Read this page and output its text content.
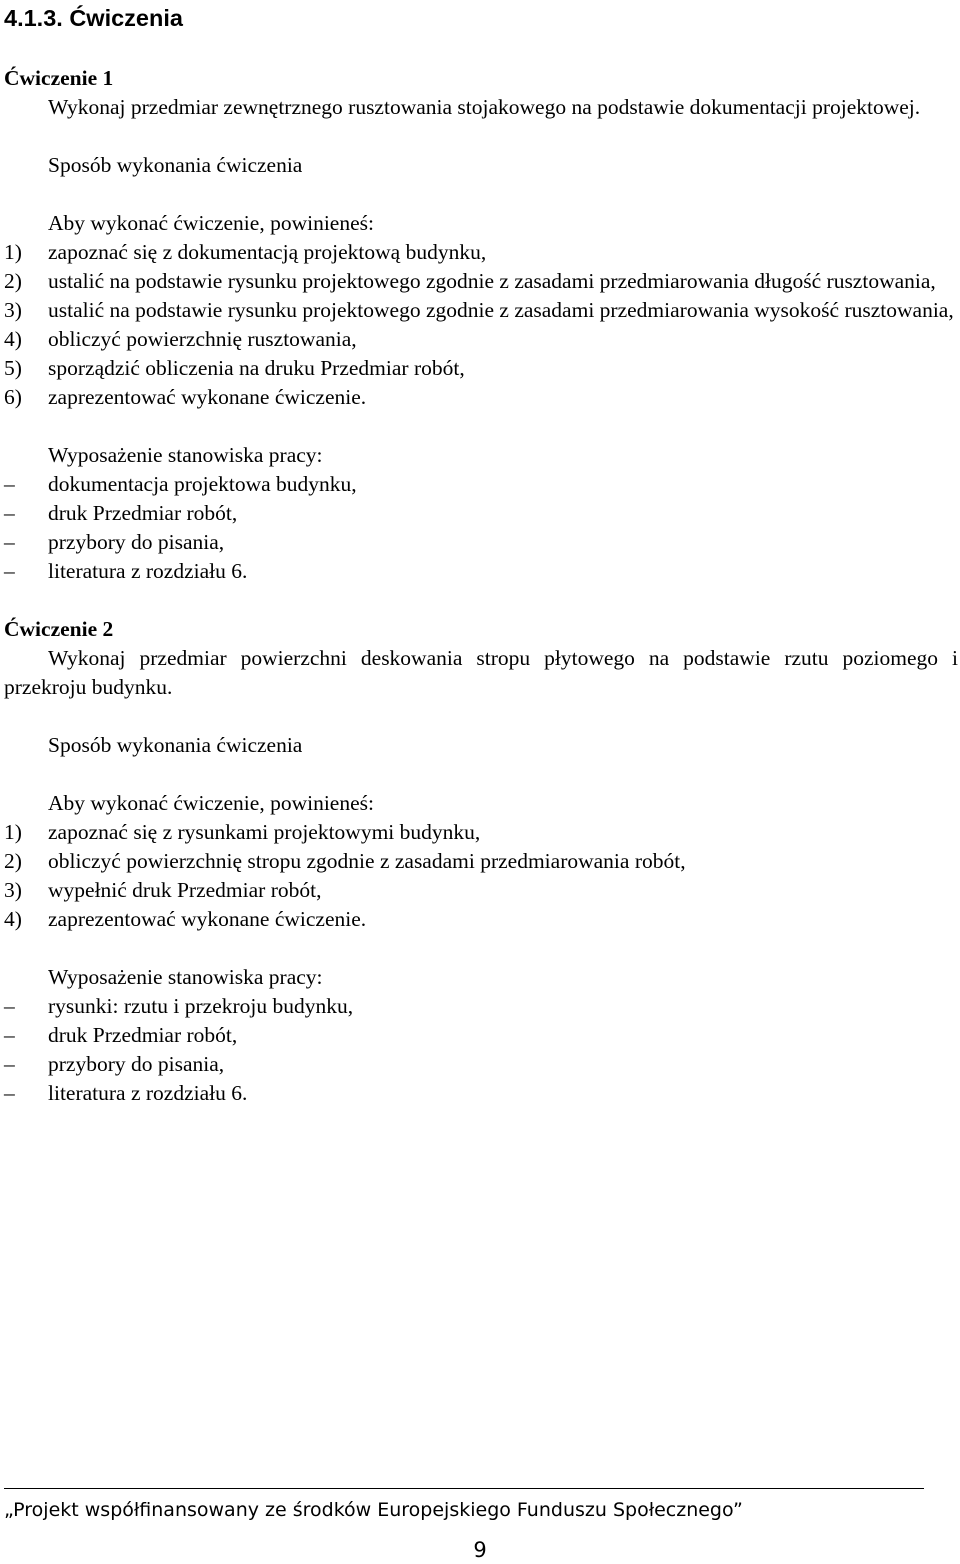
4.1.3. Ćwiczenia

Ćwiczenie 1

Wykonaj przedmiar zewnętrznego rusztowania stojakowego na podstawie dokumentacji projektowej.

Sposób wykonania ćwiczenia

Aby wykonać ćwiczenie, powinieneś:

1)	zapoznać się z dokumentacją projektową budynku,
2)	ustalić na podstawie rysunku projektowego zgodnie z zasadami przedmiarowania długość rusztowania,
3)	ustalić na podstawie rysunku projektowego zgodnie z zasadami przedmiarowania wysokość rusztowania,
4)	obliczyć powierzchnię rusztowania,
5)	sporządzić obliczenia na druku Przedmiar robót,
6)	zaprezentować wykonane ćwiczenie.

Wyposażenie stanowiska pracy:

–	dokumentacja projektowa budynku,
–	druk Przedmiar robót,
–	przybory do pisania,
–	literatura z rozdziału 6.

Ćwiczenie 2

Wykonaj przedmiar powierzchni deskowania stropu płytowego na podstawie rzutu poziomego i przekroju budynku.

Sposób wykonania ćwiczenia

Aby wykonać ćwiczenie, powinieneś:

1)	zapoznać się z rysunkami projektowymi budynku,
2)	obliczyć powierzchnię stropu zgodnie z zasadami przedmiarowania robót,
3)	wypełnić druk Przedmiar robót,
4)	zaprezentować wykonane ćwiczenie.

Wyposażenie stanowiska pracy:

–	rysunki: rzutu i przekroju budynku,
–	druk Przedmiar robót,
–	przybory do pisania,
–	literatura z rozdziału 6.
„Projekt współfinansowany ze środków Europejskiego Funduszu Społecznego”
9
